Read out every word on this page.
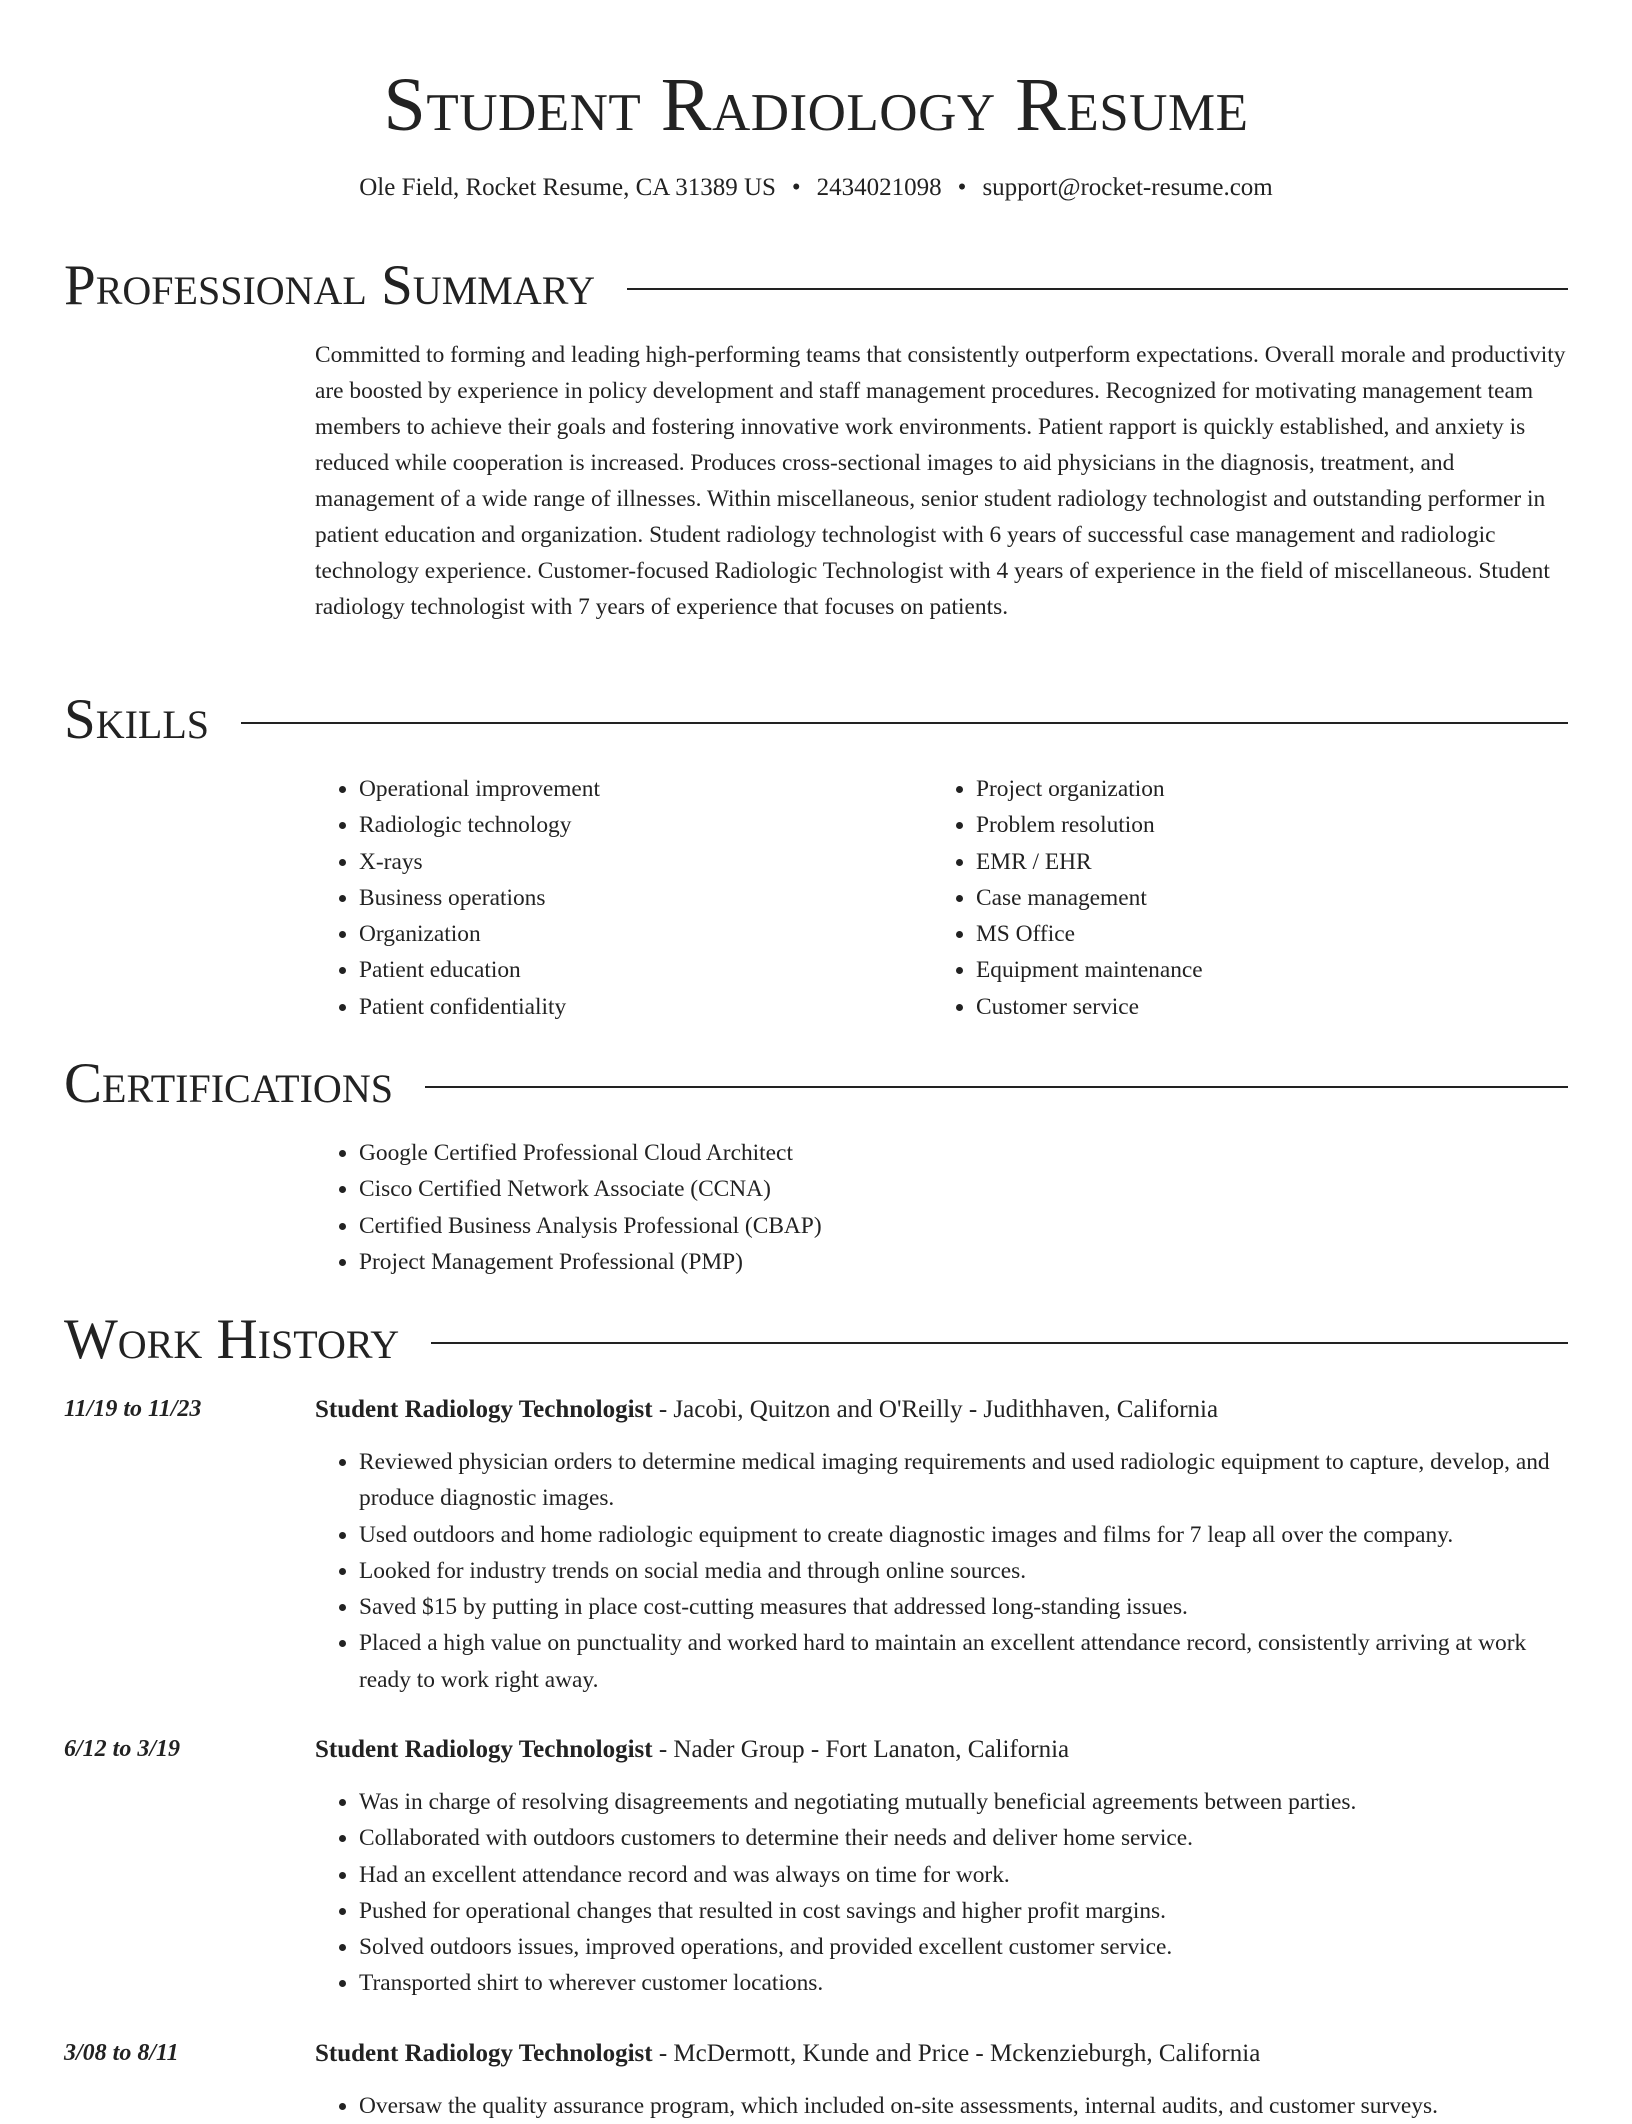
Student Radiology Resume
Ole Field, Rocket Resume, CA 31389 US • 2434021098 • support@rocket-resume.com
Professional Summary

Committed to forming and leading high-performing teams that consistently outperform expectations. Overall morale and productivity are boosted by experience in policy development and staff management procedures. Recognized for motivating management team members to achieve their goals and fostering innovative work environments. Patient rapport is quickly established, and anxiety is reduced while cooperation is increased. Produces cross-sectional images to aid physicians in the diagnosis, treatment, and management of a wide range of illnesses. Within miscellaneous, senior student radiology technologist and outstanding performer in patient education and organization. Student radiology technologist with 6 years of successful case management and radiologic technology experience. Customer-focused Radiologic Technologist with 4 years of experience in the field of miscellaneous. Student radiology technologist with 7 years of experience that focuses on patients.

Skills
• Operational improvement
• Radiologic technology
• X-rays
• Business operations
• Organization
• Patient education
• Patient confidentiality
• Project organization
• Problem resolution
• EMR / EHR
• Case management
• MS Office
• Equipment maintenance
• Customer service
Certifications
• Google Certified Professional Cloud Architect
• Cisco Certified Network Associate (CCNA)
• Certified Business Analysis Professional (CBAP)
• Project Management Professional (PMP)
Work History
11/19 to 11/23	Student Radiology Technologist - Jacobi, Quitzon and O'Reilly - Judithhaven, California
• Reviewed physician orders to determine medical imaging requirements and used radiologic equipment to capture, develop, and produce diagnostic images.
• Used outdoors and home radiologic equipment to create diagnostic images and films for 7 leap all over the company.
• Looked for industry trends on social media and through online sources.
• Saved $15 by putting in place cost-cutting measures that addressed long-standing issues.
• Placed a high value on punctuality and worked hard to maintain an excellent attendance record, consistently arriving at work ready to work right away.
6/12 to 3/19	Student Radiology Technologist - Nader Group - Fort Lanaton, California
• Was in charge of resolving disagreements and negotiating mutually beneficial agreements between parties.
• Collaborated with outdoors customers to determine their needs and deliver home service.
• Had an excellent attendance record and was always on time for work.
• Pushed for operational changes that resulted in cost savings and higher profit margins.
• Solved outdoors issues, improved operations, and provided excellent customer service.
• Transported shirt to wherever customer locations.
3/08 to 8/11	Student Radiology Technologist - McDermott, Kunde and Price - Mckenzieburgh, California
• Oversaw the quality assurance program, which included on-site assessments, internal audits, and customer surveys.
